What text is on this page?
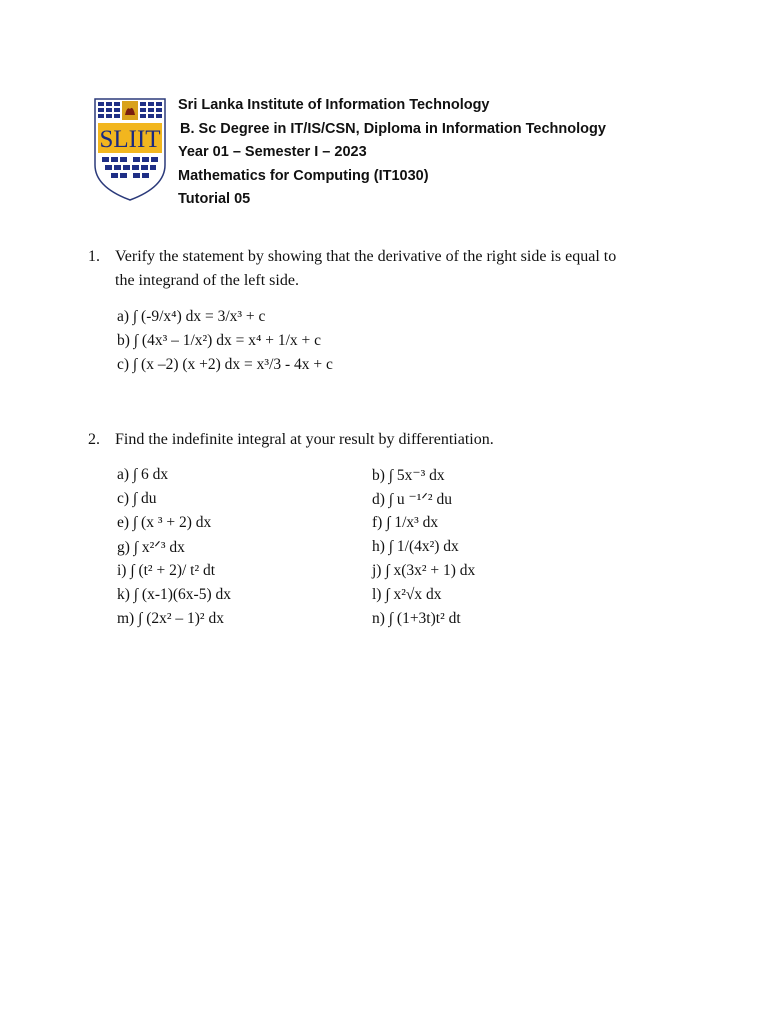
SLIIT
Sri Lanka Institute of Information Technology
B. Sc Degree in IT/IS/CSN, Diploma in Information Technology
Year 01 – Semester I – 2023
Mathematics for Computing (IT1030)
Tutorial 05
1. Verify the statement by showing that the derivative of the right side is equal to
the integrand of the left side.
a) ∫ (-9/x⁴) dx = 3/x³ + c
b) ∫ (4x³ – 1/x²) dx = x⁴ + 1/x + c
c) ∫ (x –2) (x +2) dx = x³/3 - 4x + c
2. Find the indefinite integral at your result by differentiation.
a) ∫ 6 dx	b) ∫ 5x⁻³ dx
c) ∫ du	d) ∫ u ⁻¹ᐟ² du
e) ∫ (x ³ + 2) dx	f) ∫ 1/x³ dx
g) ∫ x²ᐟ³ dx	h) ∫ 1/(4x²) dx
i) ∫ (t² + 2)/ t² dt	j) ∫ x(3x² + 1) dx
k) ∫ (x-1)(6x-5) dx	l) ∫ x²√x dx
m) ∫ (2x² – 1)² dx	n) ∫ (1+3t)t² dt
